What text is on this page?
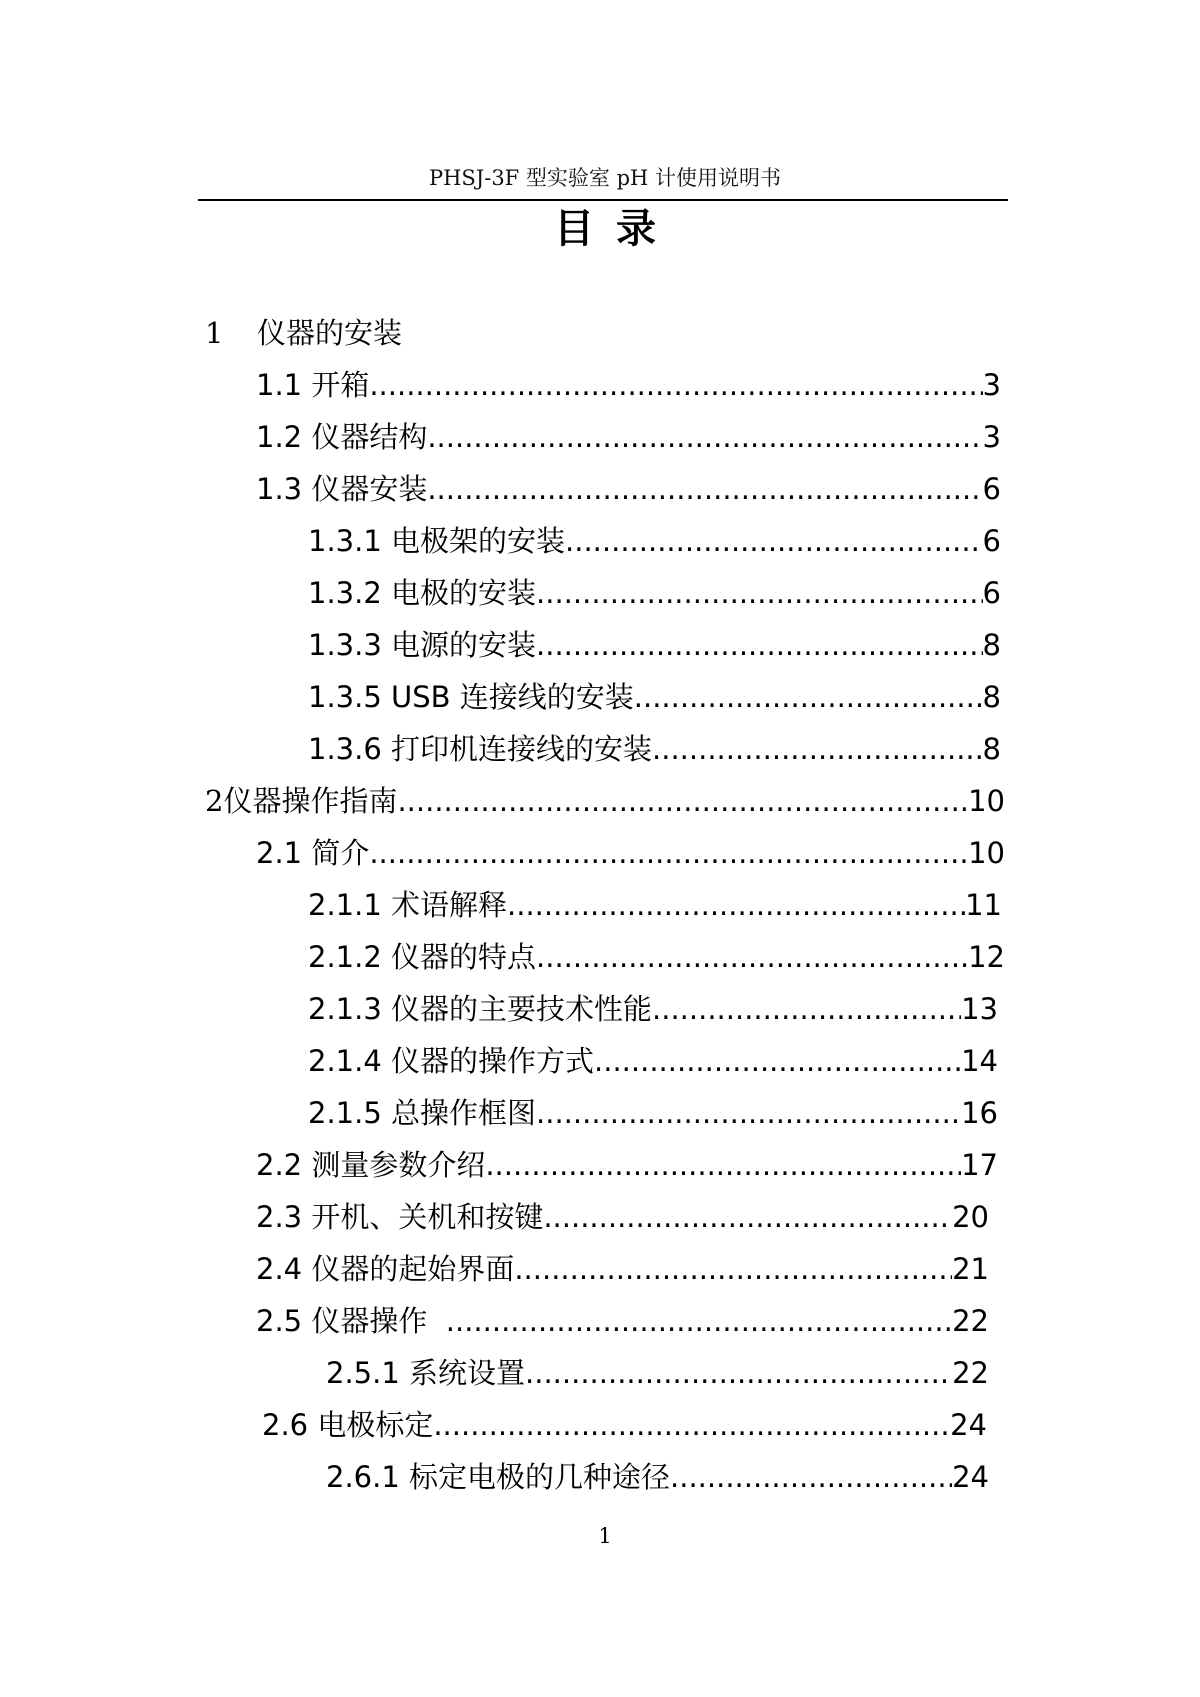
PHSJ-3F 型实验室 pH 计使用说明书
目录
1	仪器的安装
1.1 开箱 .....	3
1.2 仪器结构 .....	3
1.3 仪器安装 .....	6
1.3.1 电极架的安装 .....	6
1.3.2 电极的安装 .....	6
1.3.3 电源的安装 .....	8
1.3.5 USB 连接线的安装 .....	8
1.3.6 打印机连接线的安装 .....	8
2 仪器操作指南 .....	10
2.1 简介 .....	10
2.1.1 术语解释 .....	11
2.1.2 仪器的特点 .....	12
2.1.3 仪器的主要技术性能 .....	13
2.1.4 仪器的操作方式 .....	14
2.1.5 总操作框图 .....	16
2.2 测量参数介绍 .....	17
2.3 开机、关机和按键 .....	20
2.4 仪器的起始界面 .....	21
2.5 仪器操作 .....	22
2.5.1 系统设置 .....	22
2.6 电极标定 .....	24
2.6.1 标定电极的几种途径 .....	24
1
